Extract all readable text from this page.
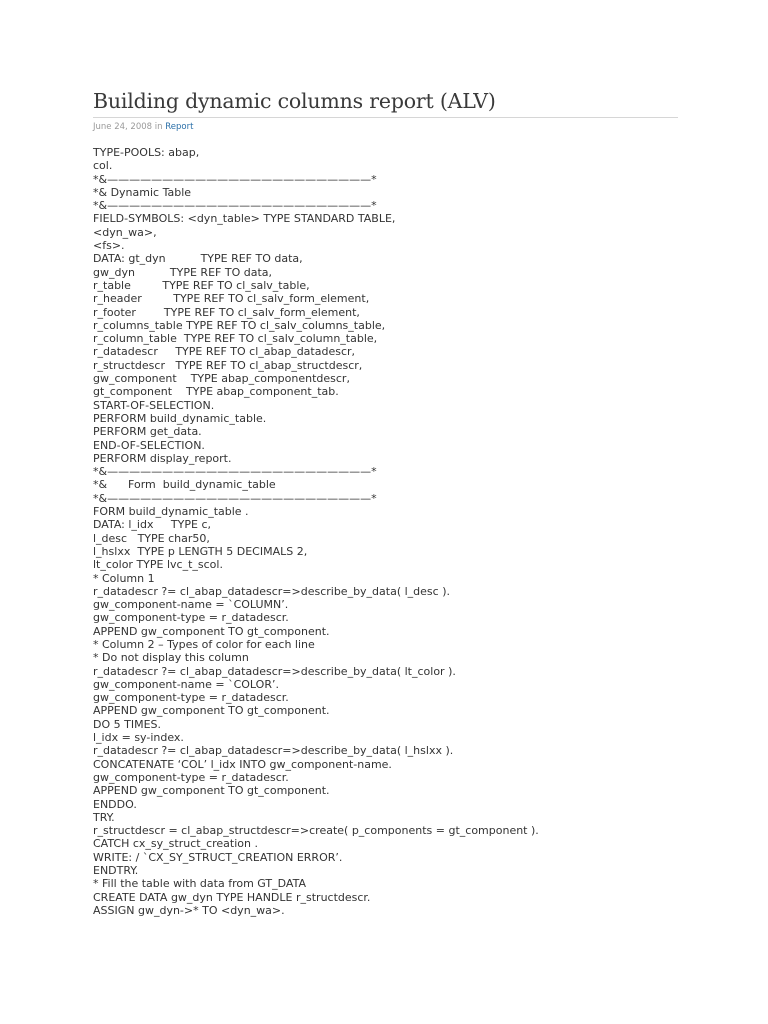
Building dynamic columns report (ALV)
June 24, 2008 in Report
TYPE-POOLS: abap,
col.
*&————————————————————————*
*& Dynamic Table
*&————————————————————————*
FIELD-SYMBOLS: <dyn_table> TYPE STANDARD TABLE,
<dyn_wa>,
<fs>.
DATA: gt_dyn          TYPE REF TO data,
gw_dyn          TYPE REF TO data,
r_table         TYPE REF TO cl_salv_table,
r_header         TYPE REF TO cl_salv_form_element,
r_footer        TYPE REF TO cl_salv_form_element,
r_columns_table TYPE REF TO cl_salv_columns_table,
r_column_table  TYPE REF TO cl_salv_column_table,
r_datadescr     TYPE REF TO cl_abap_datadescr,
r_structdescr   TYPE REF TO cl_abap_structdescr,
gw_component    TYPE abap_componentdescr,
gt_component    TYPE abap_component_tab.
START-OF-SELECTION.
PERFORM build_dynamic_table.
PERFORM get_data.
END-OF-SELECTION.
PERFORM display_report.
*&————————————————————————*
*&      Form  build_dynamic_table
*&————————————————————————*
FORM build_dynamic_table .
DATA: l_idx     TYPE c,
l_desc   TYPE char50,
l_hslxx  TYPE p LENGTH 5 DECIMALS 2,
lt_color TYPE lvc_t_scol.
* Column 1
r_datadescr ?= cl_abap_datadescr=>describe_by_data( l_desc ).
gw_component-name = `COLUMN’.
gw_component-type = r_datadescr.
APPEND gw_component TO gt_component.
* Column 2 – Types of color for each line
* Do not display this column
r_datadescr ?= cl_abap_datadescr=>describe_by_data( lt_color ).
gw_component-name = `COLOR’.
gw_component-type = r_datadescr.
APPEND gw_component TO gt_component.
DO 5 TIMES.
l_idx = sy-index.
r_datadescr ?= cl_abap_datadescr=>describe_by_data( l_hslxx ).
CONCATENATE ‘COL’ l_idx INTO gw_component-name.
gw_component-type = r_datadescr.
APPEND gw_component TO gt_component.
ENDDO.
TRY.
r_structdescr = cl_abap_structdescr=>create( p_components = gt_component ).
CATCH cx_sy_struct_creation .
WRITE: / `CX_SY_STRUCT_CREATION ERROR’.
ENDTRY.
* Fill the table with data from GT_DATA
CREATE DATA gw_dyn TYPE HANDLE r_structdescr.
ASSIGN gw_dyn->* TO <dyn_wa>.
